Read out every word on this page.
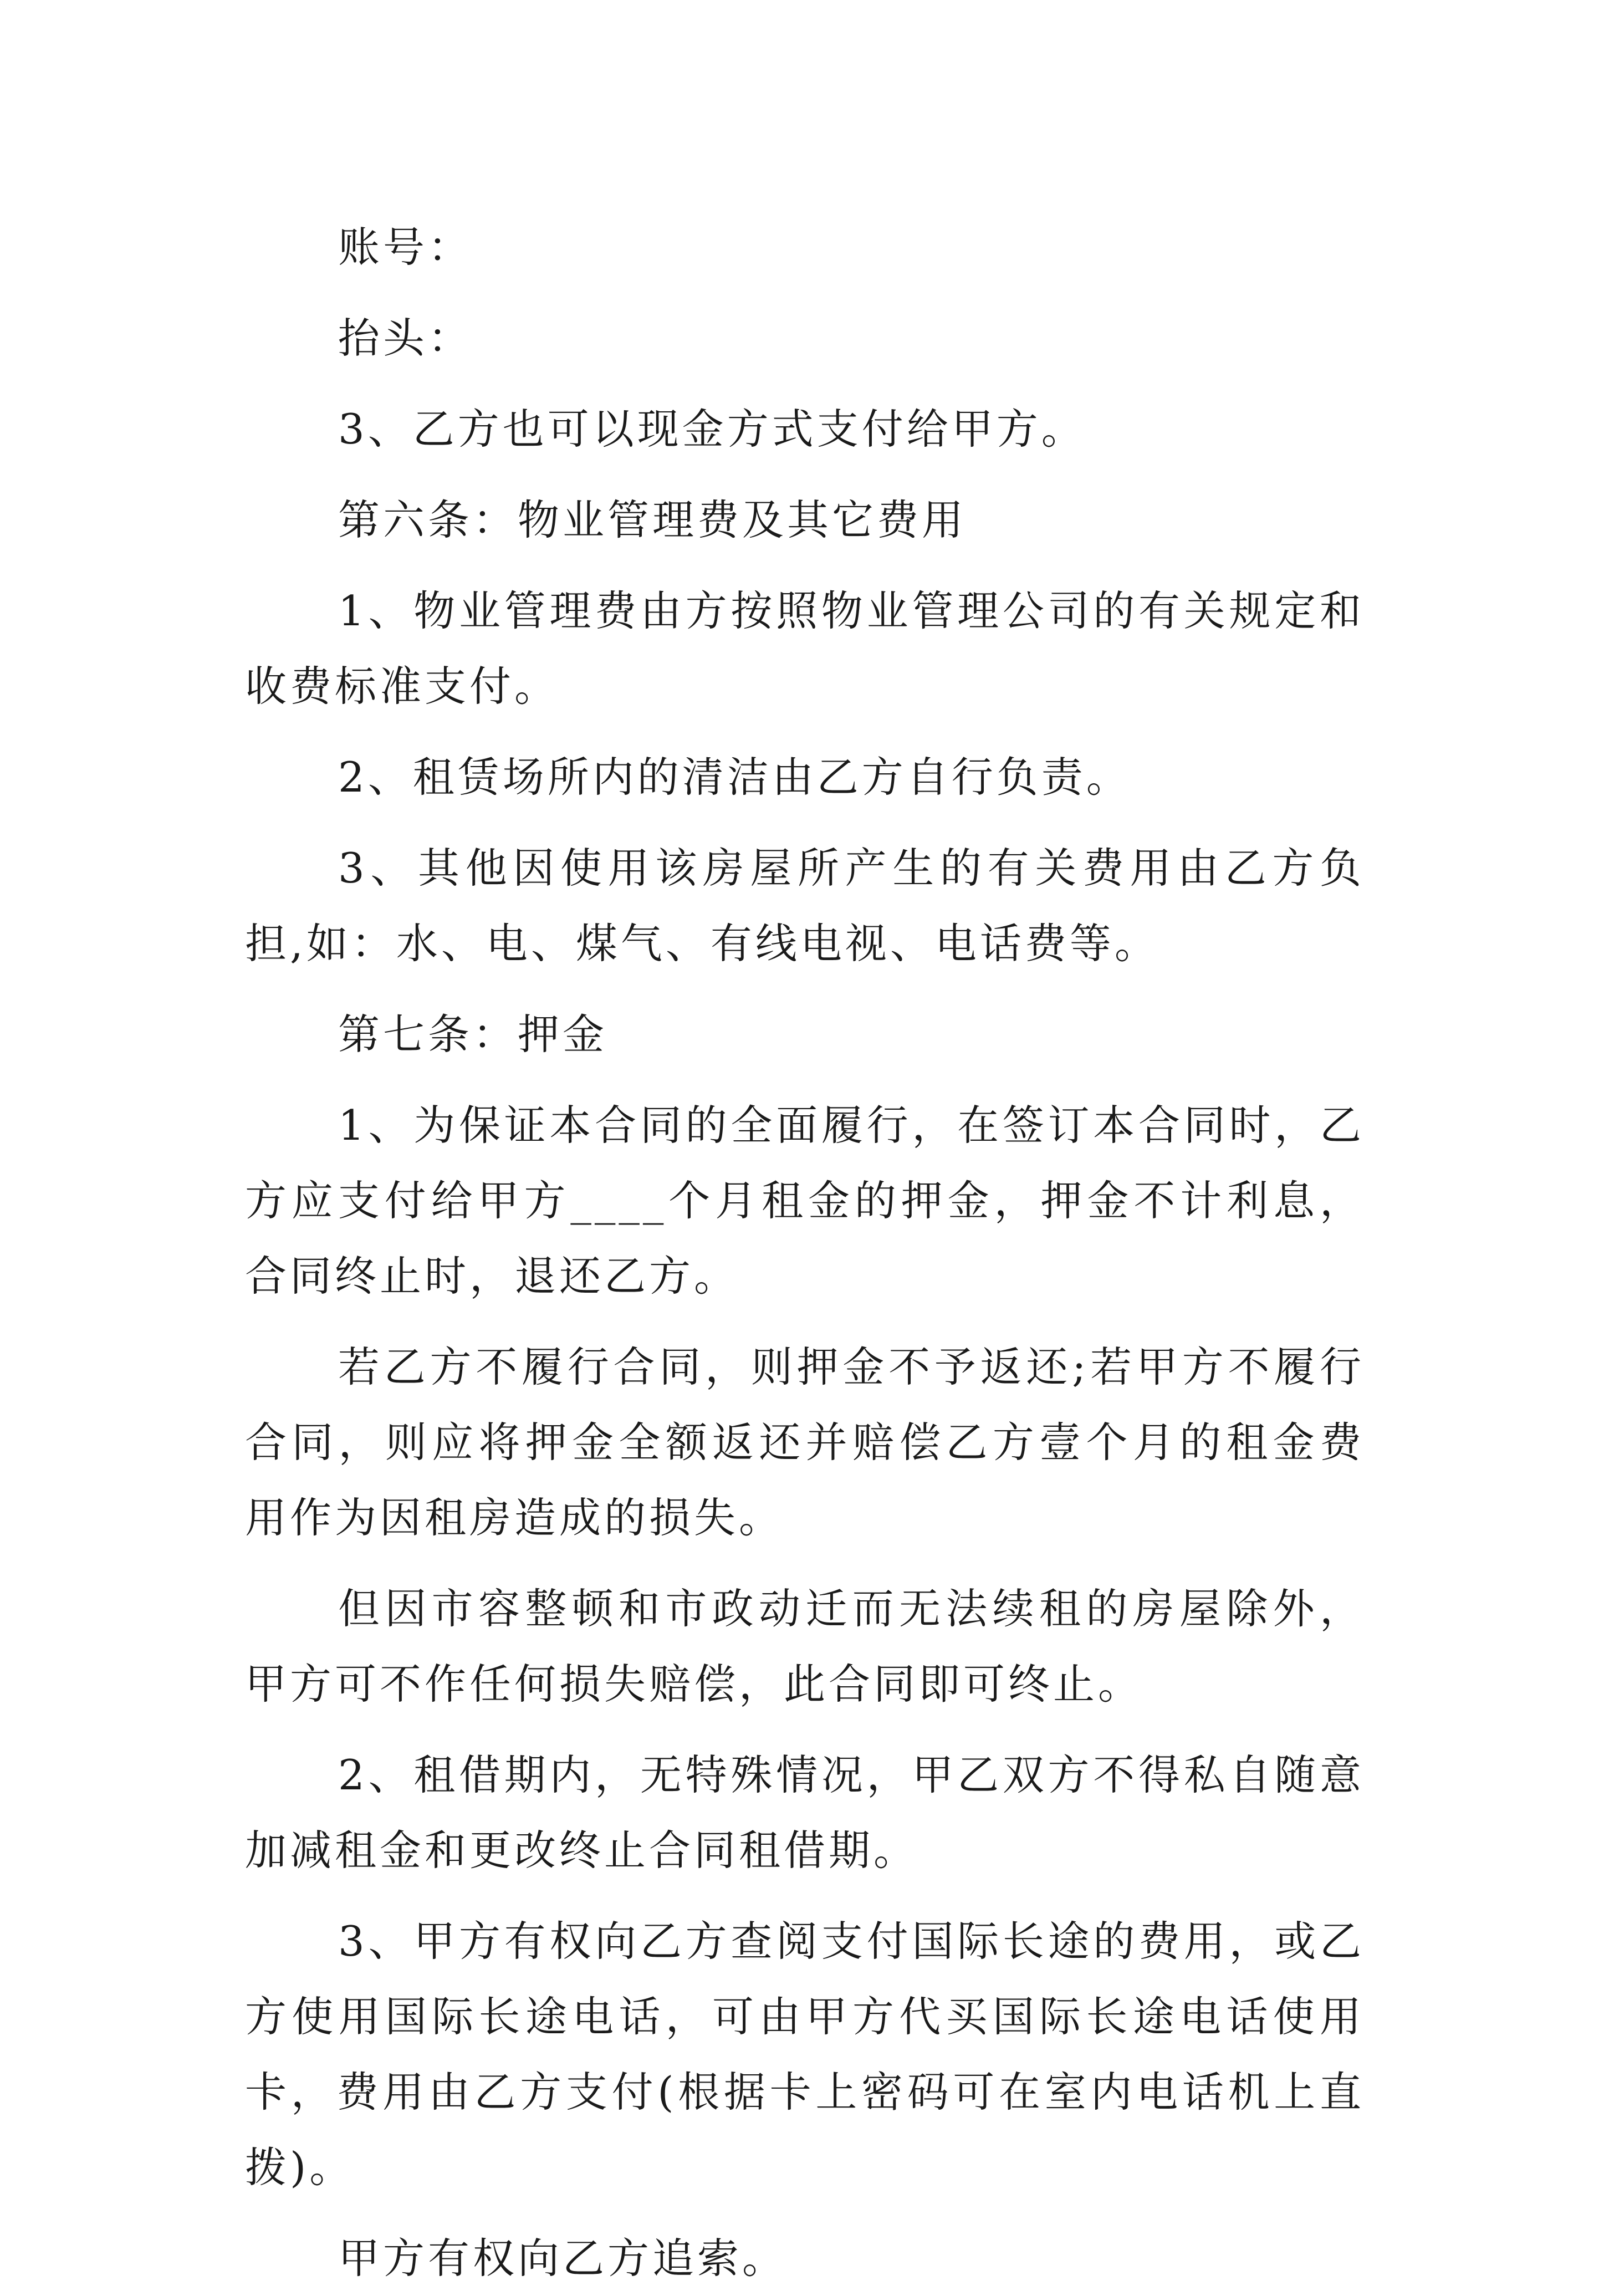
账号：

抬头：

3、乙方也可以现金方式支付给甲方。

第六条：物业管理费及其它费用

1、物业管理费由方按照物业管理公司的有关规定和收费标准支付。

2、租赁场所内的清洁由乙方自行负责。

3、其他因使用该房屋所产生的有关费用由乙方负担,如：水、电、煤气、有线电视、电话费等。

第七条：押金

1、为保证本合同的全面履行，在签订本合同时，乙方应支付给甲方____个月租金的押金，押金不计利息，合同终止时，退还乙方。

若乙方不履行合同，则押金不予返还;若甲方不履行合同，则应将押金全额返还并赔偿乙方壹个月的租金费用作为因租房造成的损失。

但因市容整顿和市政动迁而无法续租的房屋除外，甲方可不作任何损失赔偿，此合同即可终止。

2、租借期内，无特殊情况，甲乙双方不得私自随意加减租金和更改终止合同租借期。

3、甲方有权向乙方查阅支付国际长途的费用，或乙方使用国际长途电话，可由甲方代买国际长途电话使用卡，费用由乙方支付(根据卡上密码可在室内电话机上直拨)。

甲方有权向乙方追索。
